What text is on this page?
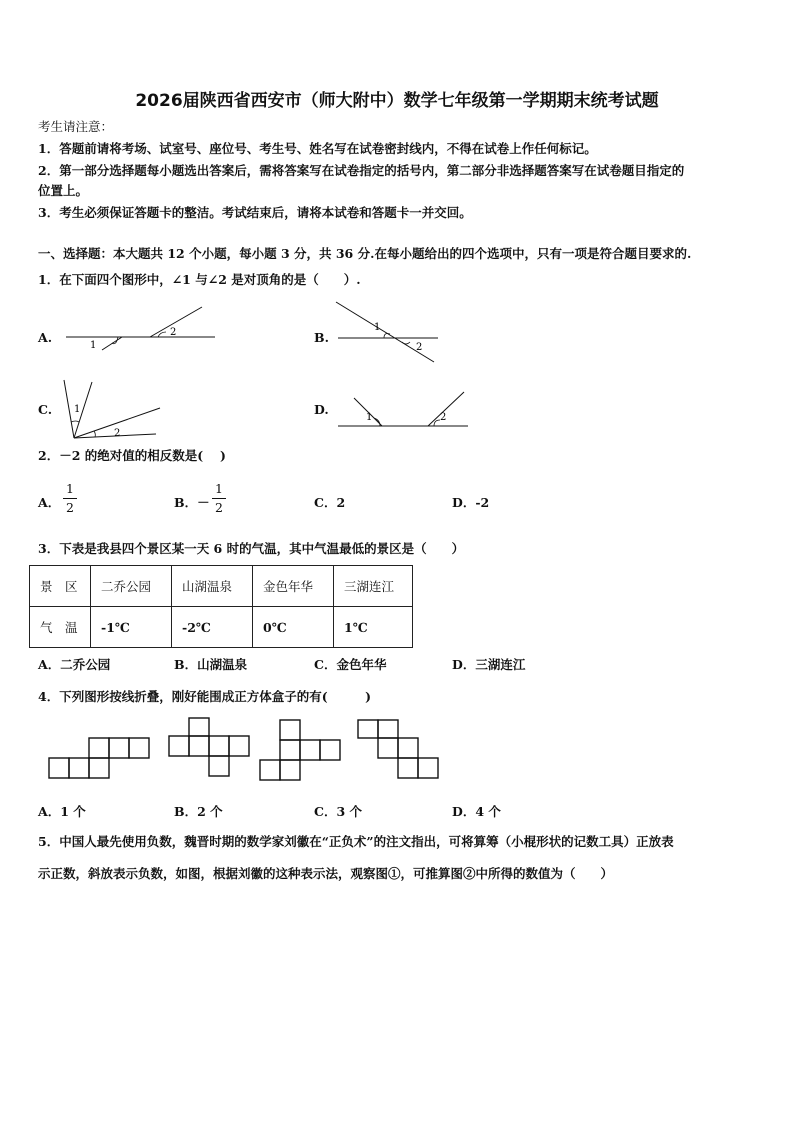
2026届陕西省西安市（师大附中）数学七年级第一学期期末统考试题
考生请注意：
1．答题前请将考场、试室号、座位号、考生号、姓名写在试卷密封线内，不得在试卷上作任何标记。
2．第一部分选择题每小题选出答案后，需将答案写在试卷指定的括号内，第二部分非选择题答案写在试卷题目指定的
位置上。
3．考生必须保证答题卡的整洁。考试结束后，请将本试卷和答题卡一并交回。
一、选择题：本大题共 12 个小题，每小题 3 分，共 36 分.在每小题给出的四个选项中，只有一项是符合题目要求的.
1．在下面四个图形中，∠1 与∠2 是对顶角的是（　　）.
A.
1
2	B.
1
2
C. 1
2
D.
1	2
2．－2 的绝对值的相反数是(　 )
A．
1
2	B．－
1
2	C．2	D．-2
3．下表是我县四个景区某一天 6 时的气温，其中气温最低的景区是（　　）
景　区	二乔公园	山湖温泉	金色年华	三湖连江
气　温	-1℃	-2℃	0℃	1℃
A．二乔公园	B．山湖温泉	C．金色年华	D．三湖连江
4．下列图形按线折叠，刚好能围成正方体盒子的有(　　　)
A．1 个	B．2 个	C．3 个	D．4 个
5．中国人最先使用负数，魏晋时期的数学家刘徽在“正负术”的注文指出，可将算筹（小棍形状的记数工具）正放表
示正数，斜放表示负数，如图，根据刘徽的这种表示法，观察图①，可推算图②中所得的数值为（　　）
